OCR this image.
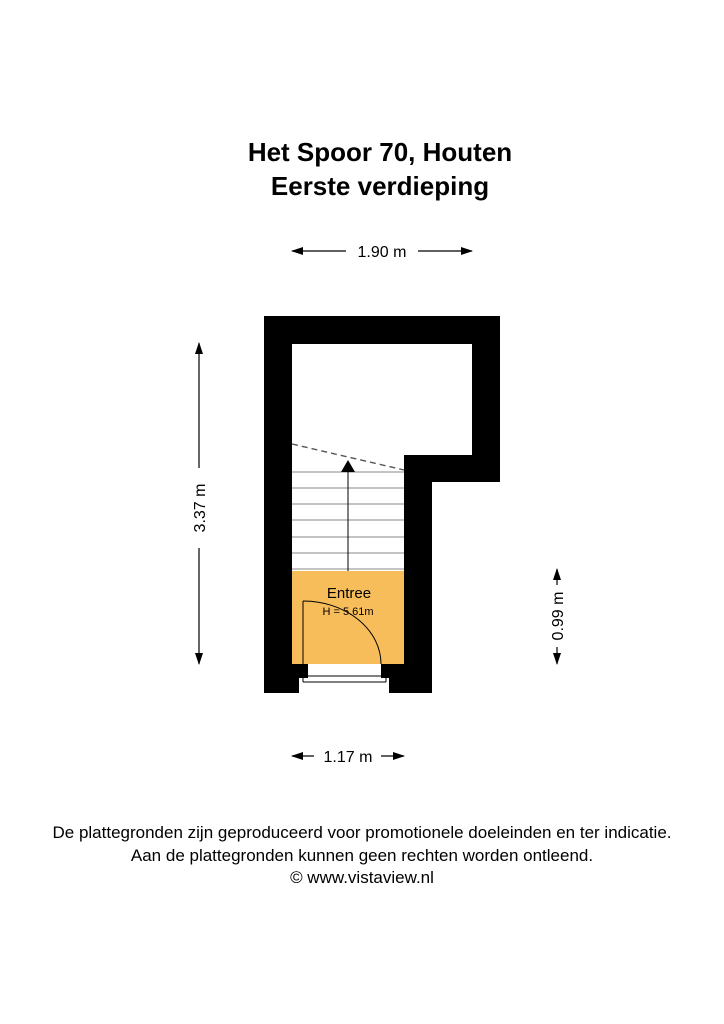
Het Spoor 70, Houten
Eerste verdieping
1.90 m
3.37 m
0.99 m
1.17 m
Entree
H = 5.61m
De plattegronden zijn geproduceerd voor promotionele doeleinden en ter indicatie.
Aan de plattegronden kunnen geen rechten worden ontleend.
© www.vistaview.nl
